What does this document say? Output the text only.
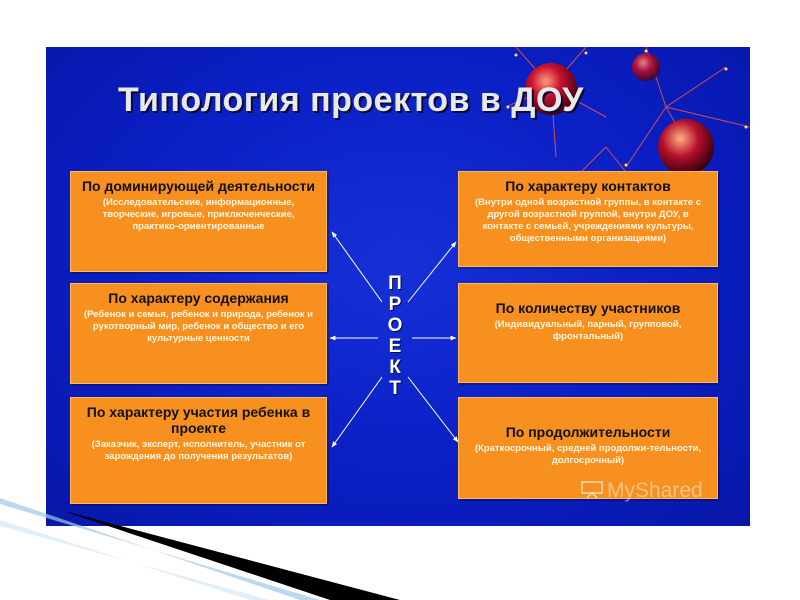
Типология проектов в ДОУ
П
Р
О
Е
К
Т
По доминирующей деятельности
(Исследовательские, информационные, творческие, игровые, приключенческие, практико-ориентированные
По характеру содержания
(Ребенок и семья, ребенок и природа, ребенок и рукотворный мир, ребенок и общество и его культурные ценности
По характеру участия ребенка в проекте
(Заказчик, эксперт, исполнитель, участник от зарождения до получения результатов)
По характеру контактов
(Внутри одной возрастной группы, в контакте с другой возрастной группой, внутри ДОУ, в контакте с семьей, учреждениями культуры, общественными организациями)
По количеству участников
(Индивидуальный, парный, групповой, фронтальный)
По продолжительности
(Краткосрочный, средней продолжи-тельности, долгосрочный)
MyShared
